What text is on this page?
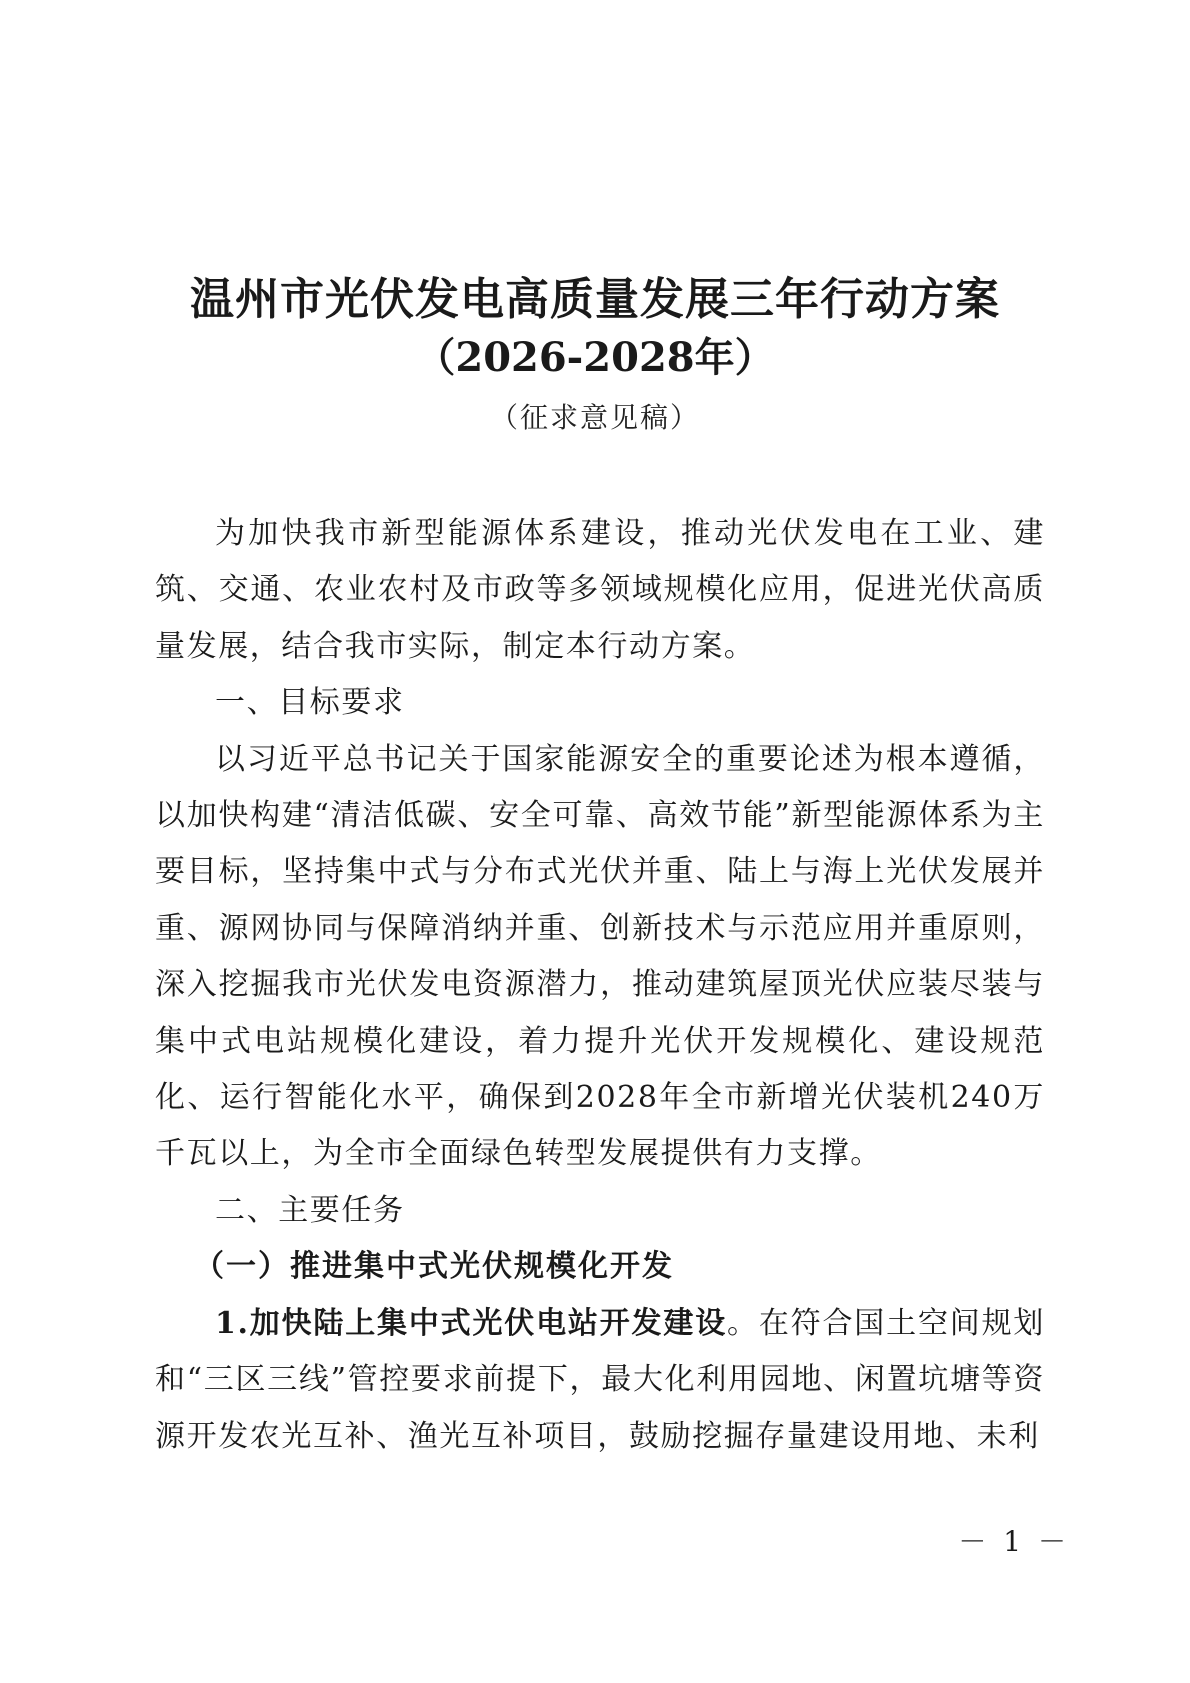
温州市光伏发电高质量发展三年行动方案
（2026-2028年）
（征求意见稿）

为加快我市新型能源体系建设，推动光伏发电在工业、建筑、交通、农业农村及市政等多领域规模化应用，促进光伏高质量发展，结合我市实际，制定本行动方案。

一、目标要求

以习近平总书记关于国家能源安全的重要论述为根本遵循，以加快构建“清洁低碳、安全可靠、高效节能”新型能源体系为主要目标，坚持集中式与分布式光伏并重、陆上与海上光伏发展并重、源网协同与保障消纳并重、创新技术与示范应用并重原则，深入挖掘我市光伏发电资源潜力，推动建筑屋顶光伏应装尽装与集中式电站规模化建设，着力提升光伏开发规模化、建设规范化、运行智能化水平，确保到2028年全市新增光伏装机240万千瓦以上，为全市全面绿色转型发展提供有力支撑。

二、主要任务
（一）推进集中式光伏规模化开发

1.加快陆上集中式光伏电站开发建设。在符合国土空间规划和“三区三线”管控要求前提下，最大化利用园地、闲置坑塘等资源开发农光互补、渔光互补项目，鼓励挖掘存量建设用地、未利

－ 1 －
